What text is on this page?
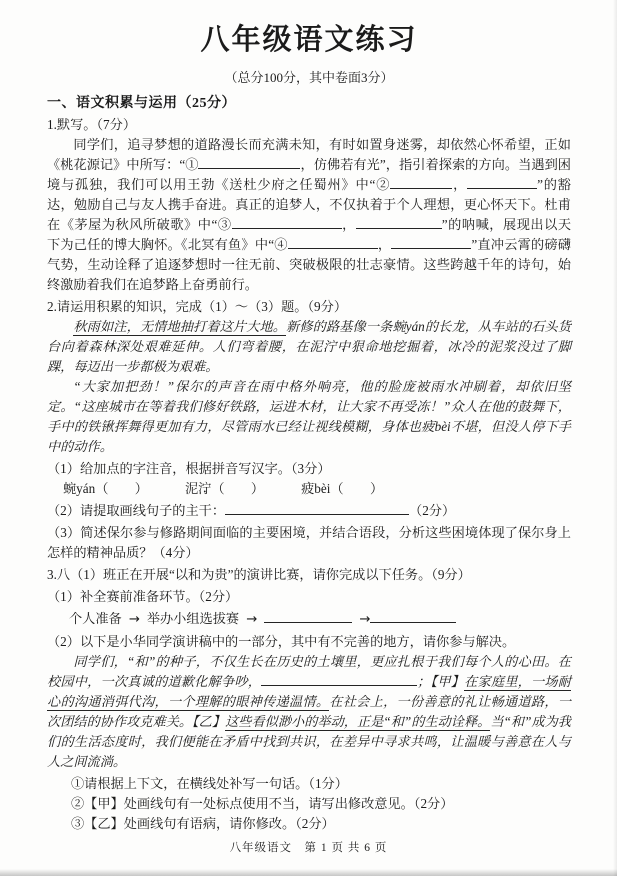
八年级语文练习
（总分100分，其中卷面3分）
一、语文积累与运用（25分）
1.默写。（7分）
同学们，追寻梦想的道路漫长而充满未知，有时如置身迷雾，却依然心怀希望，正如《桃花源记》中所写：“①	，仿佛若有光”，指引着探索的方向。当遇到困境与孤独，我们可以用王勃《送杜少府之任蜀州》中“②	，	”的豁达，勉励自己与友人携手奋进。真正的追梦人，不仅执着于个人理想，更心怀天下。杜甫在《茅屋为秋风所破歌》中“③	，	”的呐喊，展现出以天下为己任的博大胸怀。《北冥有鱼》中“④	，	”直冲云霄的磅礴气势，生动诠释了追逐梦想时一往无前、突破极限的壮志豪情。这些跨越千年的诗句，始终激励着我们在追梦路上奋勇前行。
2.请运用积累的知识，完成（1）～（3）题。（9分）
秋雨如注，无情地抽打着这片大地。新修的路基像一条蜿yán的长龙，从车站的石头货台向着森林深处艰难延伸。人们弯着腰，在泥泞 •中狠命地挖掘着，冰冷的泥浆没过了脚踝，每迈出一步都极为艰难。
“大家加把劲！”保尔的声音在雨中格外响亮，他的脸庞被雨水冲刷着，却依旧坚定。“这座城市在等着我们修好铁路，运进木材，让大家不再受冻！”众人在他的鼓舞下，手中的铁锹挥舞得更加有力，尽管雨水已经让视线模糊，身体也疲bèi不堪，但没人停下手中的动作。
（1）给加点的字注音，根据拼音写汉字。（3分）
蜿yán（　　）	泥泞 •（　　）	疲bèi（　　）
（2）请提取画线句子的主干：	（2分）
（3）简述保尔参与修路期间面临的主要困境，并结合语段，分析这些困境体现了保尔身上怎样的精神品质？（4分）
3.八（1）班正在开展“以和为贵”的演讲比赛，请你完成以下任务。（9分）
（1）补全赛前准备环节。（2分）
个人准备 → 举办小组选拔赛 →	→
（2）以下是小华同学演讲稿中的一部分，其中有不完善的地方，请你参与解决。
同学们，“和”的种子，不仅生长在历史的土壤里，更应扎根于我们每个人的心田。在校园中，一次真诚的道歉化解争吵，	；【甲】在家庭里，一场耐心的沟通消弭代沟，一个理解的眼神传递温情。在社会上，一份善意的礼让畅通道路，一次团结的协作攻克难关。【乙】这些看似渺小的举动，正是“和”的生动诠释。当“和”成为我们的生活态度时，我们便能在矛盾中找到共识，在差异中寻求共鸣，让温暖与善意在人与人之间流淌。
①请根据上下文，在横线处补写一句话。（1分）
②【甲】处画线句有一处标点使用不当，请写出修改意见。（2分）
③【乙】处画线句有语病，请你修改。（2分）
八年级语文　第 1 页 共 6 页
